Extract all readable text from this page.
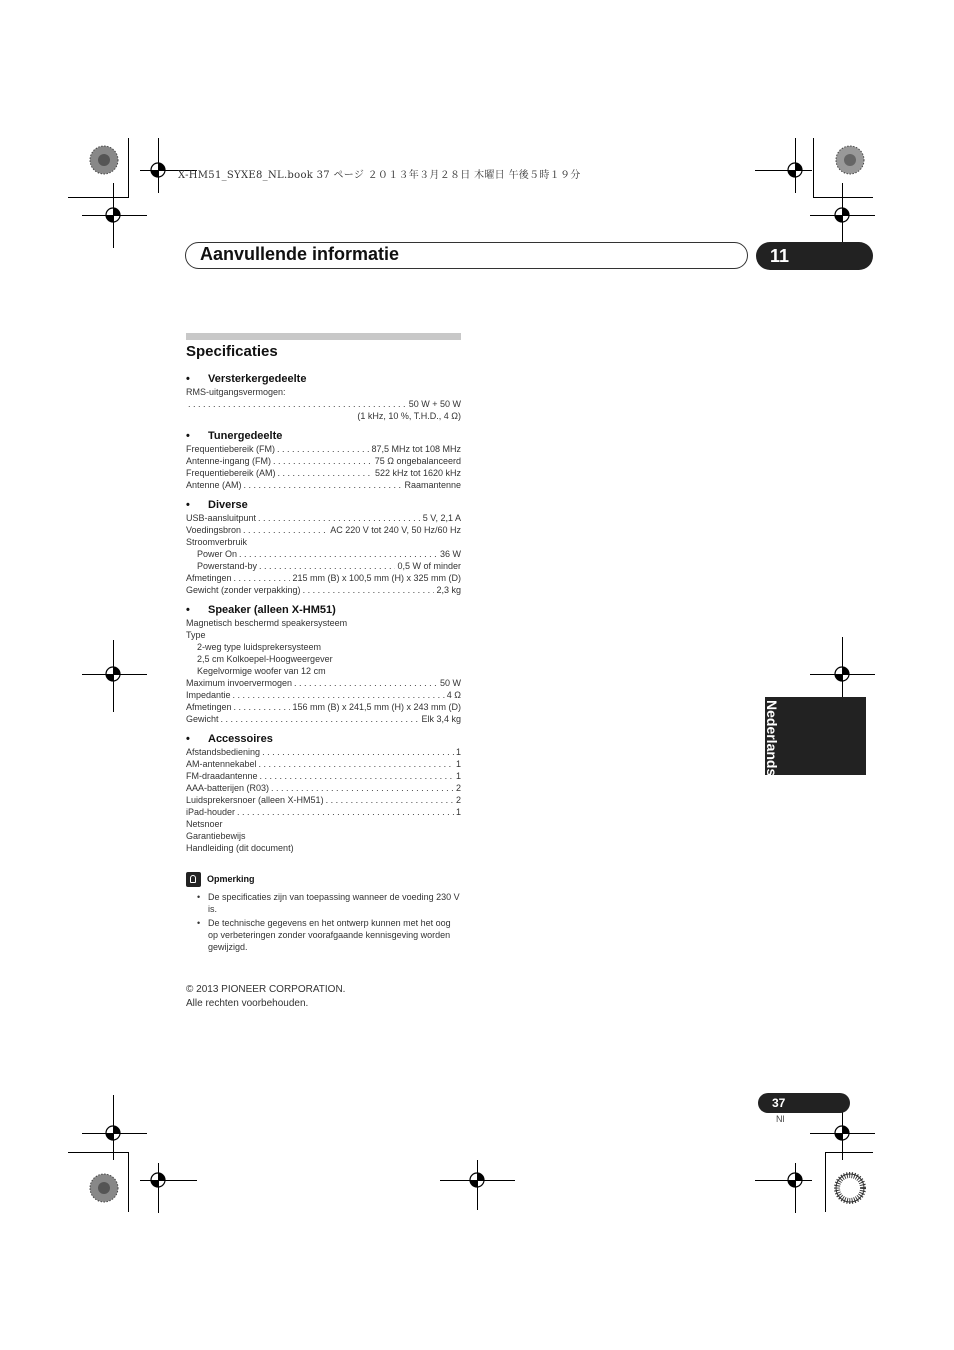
X-HM51_SYXE8_NL.book 37 ページ ２０１３年３月２８日 木曜日 午後５時１９分
Aanvullende informatie	11
Specificaties
•	Versterkergedeelte
RMS-uitgangsvermogen:
. . .
50 W + 50 W
(1 kHz, 10 %, T.H.D., 4 Ω)
•	Tunergedeelte
Frequentiebereik (FM) . . .	87,5 MHz tot 108 MHz
Antenne-ingang (FM) . . .	75 Ω ongebalanceerd
Frequentiebereik (AM) . . .	522 kHz tot 1620 kHz
Antenne (AM) . . .	Raamantenne
•	Diverse
USB-aansluitpunt . . .	5 V, 2,1 A
Voedingsbron . . .	AC 220 V tot 240 V, 50 Hz/60 Hz
Stroomverbruik
Power On . . .	36 W
Powerstand-by . . .	0,5 W of minder
Afmetingen . . .	215 mm (B) x 100,5 mm (H) x 325 mm (D)
Gewicht (zonder verpakking) . . .	2,3 kg
•	Speaker (alleen X-HM51)
Magnetisch beschermd speakersysteem
Type
2-weg type luidsprekersysteem
2,5 cm Kolkoepel-Hoogweergever
Kegelvormige woofer van 12 cm
Maximum invoervermogen . . .	50 W
Impedantie . . .	4 Ω
Afmetingen . . .	156 mm (B) x 241,5 mm (H) x 243 mm (D)
Gewicht . . .	Elk 3,4 kg
•	Accessoires
Afstandsbediening . . .	1
AM-antennekabel . . .	1
FM-draadantenne . . .	1
AAA-batterijen (R03) . . .	2
Luidsprekersnoer (alleen X-HM51) . . .	2
iPad-houder . . .	1
Netsnoer
Garantiebewijs
Handleiding (dit document)
Opmerking
• De specificaties zijn van toepassing wanneer de voeding 230 V is.
• De technische gegevens en het ontwerp kunnen met het oog op verbeteringen zonder voorafgaande kennisgeving worden gewijzigd.
© 2013 PIONEER CORPORATION.
Alle rechten voorbehouden.
Nederlands
37
Nl
